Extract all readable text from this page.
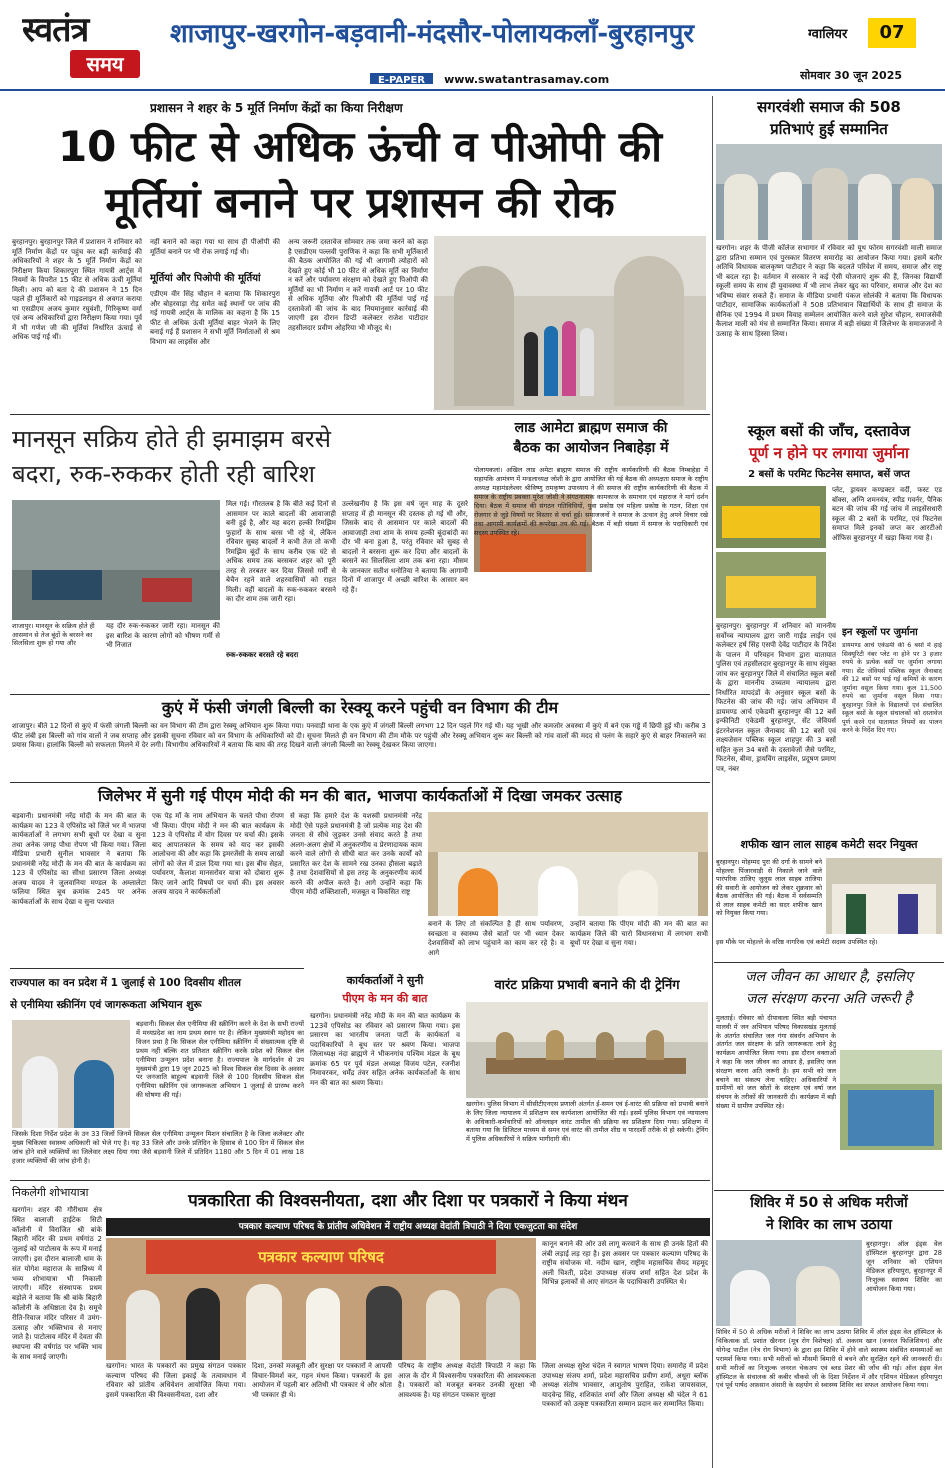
स्वतंत्र
समय
शाजापुर-खरगोन-बड़वानी-मंदसौर-पोलायकलाँ-बुरहानपुर	ग्वालियर	07
E-PAPER www.swatantrasamay.com	सोमवार 30 जून 2025
प्रशासन ने शहर के 5 मूर्ति निर्माण केंद्रों का किया निरीक्षण
10 फीट से अधिक ऊंची व पीओपी की
मूर्तियां बनाने पर प्रशासन की रोक
बुरहानपुर। बुरहानपुर जिले में प्रशासन ने शनिवार को मूर्ति निर्माण केंद्रों पर पहुंच कर बड़ी कार्रवाई की अधिकारियों ने शहर के 5 मूर्ति निर्माण केंद्रों का निरीक्षण किया शिकारपुरा स्थित गायत्री आर्ट्स में नियमों के विपरीत 15 फीट से अधिक ऊंची मूर्तियां मिली। आप को बता दे की प्रशासन ने 15 दिन पहले ही मूर्तिकारों को गाइडलाइन से अवगत कराया था एसडीएम अजय कुमार रघुवंशी, गिरिकृष्ण वर्मा एवं अन्य अधिकारियों द्वारा निरीक्षण किया गया। पूर्व में भी गणेश जी की मूर्तियां निर्धारित ऊंचाई से अधिक पाई गई थीं।
नहीं बनाने को कहा गया था साथ ही पीओपी की मूर्तियां बनाने पर भी रोक लगाई गई थी।
मूर्तियां और पिओपी की मूर्तियां
एडीएम वीर सिंह चौहान ने बताया कि शिकारपुरा और बोहरवाड़ा रोड़ समेत कई स्थानों पर जांच की गई गायत्री आर्ट्स के मालिक का कहना है कि 15 फीट से अधिक ऊंची मूर्तियां बाहर भेजने के लिए बनाई गई हैं प्रशासन ने सभी मूर्ति निर्माताओं से श्रम विभाग का लाइसेंस और
अन्य जरूरी दस्तावेज सोमवार तक जमा करने को कहा है एसडीएम पल्लवी पुराणिक ने कहा कि सभी मूर्तिकारों की बैठक आयोजित की गई थी आगामी त्योहारों को देखते हुए कोई भी 10 फीट से अधिक मूर्ति का निर्माण न करें और पर्यावरण संरक्षण को देखते हुए पिओपी की मूर्तियों का भी निर्माण न करें गायत्री आर्ट पर 10 फीट से अधिक मूर्तिया और पिओपी की मूर्तियां पाई गई दस्तावेजों की जांच के बाद नियमानुसार कार्रवाई की जाएगी इस दौरान डिप्टी कलेक्टर राजेश पाटीदार तहसीलदार प्रवीण ओहरिया भी मौजूद थे।
सगरवंशी समाज की 508
प्रतिभाएं हुई सम्मानित
खरगोन। शहर के पीजी कॉलेज सभागार में रविवार को यूथ फोरम सगरवंशी माली समाज द्वारा प्रतिभा सम्मान एवं पुरस्कार वितरण समारोह का आयोजन किया गया। इसमें बतौर अतिथि विधायक बालकृष्ण पाटीदार ने कहा कि बदलते परिवेश में समय, समाज और राष्ट्र भी बदल रहा है। वर्तमान में सरकार ने कई ऐसी योजनाएं शुरू की हैं, जिनका विद्यार्थी स्कूली समय के साथ ही युवावस्था में भी लाभ लेकर खुद का परिवार, समाज और देश का भविष्य संवार सकते हैं। समाज के मीडिया प्रभारी पंकज सोलंकी ने बताया कि विधायक पाटीदार, सामाजिक कार्यकर्ताओं ने 508 प्रतिभावान विद्यार्थियों के साथ ही समाज के सैनिक एवं 1994 में प्रथम विवाह सम्मेलन आयोजित करने वाले सुरेश चौहान, समाजसेवी कैलाश माली को मंच से सम्मानित किया। समाज में बड़ी संख्या में जिलेभर के समाजजनों ने उत्साह के साथ हिस्सा लिया।
मानसून सक्रिय होते ही झमाझम बरसे
बदरा, रुक-रुककर होती रही बारिश
शाजापुर। मानसून के सक्रिय होते ही आसमान से तेज बूंदों के बरसने का सिलसिला शुरू हो गया और
यह दौर रुक-रुककर जारी रहा। मानसून की इस बारिश के कारण लोगों को भीषण गर्मी से भी निजात
मिल गई। गौरतलब है कि बीते कई दिनों से आसमान पर काले बादलों की आवाजाही बनी हुई है, और यह बदरा हल्की रिमझिम फुहारों के साथ बरस भी रहे थे, लेकिन रविवार सुबह बादलों ने कभी तेज तो कभी रिमझिम बूंदों के साथ करीब एक घंटे से अधिक समय तक बरसकर शहर को पूरी तरह से तरबतर कर दिया जिससे गर्मी से बेचैन रहने वाले शहरवासियों को राहत मिली। वहीं बादलों के रुक-रुककर बरसने का दौर शाम तक जारी रहा।
रुक-रुककर बरसते रहे बदरा
उल्लेखनीय है कि इस वर्ष जून माह के दूसरे सप्ताह में ही मानसून की दस्तक हो गई थी और, जिसके बाद से आसमान पर काले बादलों की आवाजाही तथा शाम के समय हल्की बूंदाबांदी का दौर भी बना हुआ है, परंतु रविवार को सुबह से बादलों ने बरसना शुरू कर दिया और बादलों के बरसने का सिलसिला शाम तक बना रहा। मौसम के जानकार सतीश धनोतिया ने बताया कि आगामी दिनों में शाजापुर में अच्छी बारिश के आसार बन रहे हैं।
लाड आमेटा ब्राह्मण समाज की
बैठक का आयोजन निबाहेड़ा में
पोलायकलां। अखिल लाड अमेटा ब्राह्मण समाज की राष्ट्रीय कार्यकारिणी की बैठक निम्बाहेड़ा में सहायकि आमंत्रण में मन्डलाध्यक्ष जोशी के द्वारा आयोजित की गई बैठक की अध्यक्षता समाज के राष्ट्रीय अध्यक्ष महामंडलेश्वर श्रीविष्णु रामकृष्ण उपाध्याय ने की समाज की राष्ट्रीय कार्यकारिणी की बैठक में समाज के राष्ट्रीय प्रवक्ता मुरेश जोशी ने संगठनात्मक कामकाज के समाचार एवं महाराज ने मार्ग दर्शन दिया। बैठक में समाज की संगठन गतिविधियों, युवा प्रकोष्ठ एवं महिला प्रकोष्ठ के गठन, शिक्षा एवं रोजगार से जुड़े विषयों पर विस्तार से चर्चा हुई। समाजजनों ने समाज के उत्थान हेतु अपने विचार रखे तथा आगामी कार्यक्रमों की रूपरेखा तय की गई। बैठक में बड़ी संख्या में समाज के पदाधिकारी एवं सदस्य उपस्थित रहे।
स्कूल बसों की जाँच, दस्तावेज
पूर्ण न होने पर लगाया जुर्माना
2 बसों के परमिट फिटनेस समाप्त, बसें जप्त
प्लेट, ड्रायवर कण्डक्टर वर्दी, फस्ट एड बॉक्स, अग्नि शमनयंत्र, स्पीड गवर्नर, पैनिक बटन की जांच की गई जांच में लाइसेंसधारी स्कूल की 2 बसों के परमिट, एवं फिटनेस समाप्त मिले इनको जप्त कर आरटीओ ऑफिस बुरहानपुर में खड़ा किया गया है।
बुरहानपुर। बुरहानपुर में शनिवार को माननीय सर्वोच्च न्यायालय द्वारा जारी गाईड लाईन एवं कलेक्टर हर्ष सिंह एसपी देवेंद्र पाटीदार के निर्देश के पालन में परिवहन विभाग द्वारा यातायात पुलिस एवं तहसीलदार बुरहानपुर के साथ संयुक्त जांच कर बुरहानपुर जिले में संचालित स्कूल बसों के द्वारा माननीय उच्चतम न्यायालय द्वारा निर्धारित मापदंडों के अनुसार स्कूल बसों के फिटनेस की जांच की गई। जांच अभियान में डायमण्ड आर्च एकेडमी बुरहानपुर की 12 बसें इन्फीनिटी एकेडमी बुरहानपुर, सेंट जेवियर्स इंटरनेशनल स्कूल जैनाबाद की 12 बसों एवं लक्ष्यजेसन पब्लिक स्कूल शाहपुर की 3 बसों सहित कुल 34 बसों के दस्तावेजों जैसे परमिट, फिटनेस, बीमा, ड्रायविंग लाइसेंस, प्रदूषण प्रमाण पत्र, नंबर
इन स्कूलों पर जुर्माना
डायमण्ड आर्च एकेडमी की 6 बसों में हाई सिक्यूरिटी नंबर प्लेट ना होने पर 3 हजार रुपये के प्रत्येक बसों पर जुर्माना लगाया गया। सेंट जेवियर्स पब्लिक स्कूल जैनाबाद की 12 बसों पर पाई गई कमियों के कारण जुर्माना वसूल किया गया। कुल 11,500 रुपये का जुर्माना वसूल किया गया। बुरहानपुर जिले के विद्यालयों एवं संचालित स्कूल बसों के स्कूल संचालकों को दस्तावेज पूर्ण करने एवं यातायात नियमों का पालन करने के निर्देश दिए गए।
कुएं में फंसी जंगली बिल्ली का रेस्क्यू करने पहुंची वन विभाग की टीम
शाजापुर। बीते 12 दिनों से कुएं में फंसी जंगली बिल्ली का वन विभाग की टीम द्वारा रेस्क्यू अभियान शुरू किया गया। पनवाड़ी थाना के एक कुएं में जंगली बिल्ली लगभग 12 दिन पहले गिर गई थी। यह भूखी और कमजोर अवस्था में कुएं में बने एक गड्ढे में छिपी हुई थी। करीब 3 फीट लंबी इस बिल्ली को गांव वालों ने जब सप्ताह और इसकी सूचना रविवार को वन विभाग के अधिकारियों को दी। सूचना मिलते ही वन विभाग की टीम मौके पर पहुंची और रेस्क्यू अभियान शुरू कर बिल्ली को गांव वालों की मदद से पलंग के सहारे कुएं से बाहर निकालने का प्रयास किया। हालांकि बिल्ली को सफलता मिलने में देर लगी। विभागीय अधिकारियों ने बताया कि बाघ की तरह दिखने वाली जंगली बिल्ली का रेस्क्यू देखकर किया जाएगा।
जिलेभर में सुनी गई पीएम मोदी की मन की बात, भाजपा कार्यकर्ताओं में दिखा जमकर उत्साह
बड़वानी। प्रधानमंत्री नरेंद्र मोदी के मन की बात के कार्यक्रम का 123 वे एपिसोड को जिले भर में भाजपा कार्यकर्ताओं ने लगभग सभी बूथों पर देखा व सुना तथा अनेक जगह पौधा रोपण भी किया गया। जिला मीडिया प्रभारी सुनील भावसार ने बताया कि प्रधानमंत्री नरेंद्र मोदी के मन की बात के कार्यक्रम का 123 वें एपिसोड का सीधा प्रसारण जिला अध्यक्ष अजय यादव ने जुलवानिया मण्डल के अम्लालेटा फलिया स्थित बूथ क्रमांक 245 पर अनेक कार्यकर्ताओं के साथ देखा व सुना पश्चात
एक पेड़ माँ के नाम अभियान के चलते पौधा रोपण भी किया। पीएम मोदी ने मन की बात कार्यक्रम के 123 वे एपिसोड में योग दिवस पर चर्चा की। इसके बाद आपातकाल के समय को याद कर इसकी आलोचना की और कहा कि इमरजेंसी के समय लाखों लोगों को जेल में डाल दिया गया था। इस बीच सेहत, पर्यावरण, कैलाश मानसरोवर यात्रा को दोबारा शुरू किए जाने आदि विषयों पर चर्चा की। इस अवसर अजय यादव ने कार्यकर्ताओं
से कहा कि हमारे देश के यशस्वी प्रधानमंत्री नरेंद्र मोदी ऐसे पहले प्रधानमंत्री है जो प्रत्येक माह देश की जनता से सीधे जुड़कर उनसे संवाद करते है तथा अलग-अलग क्षेत्रों में अनुकरणीय व प्रेरणादायक काम करने वाले लोगों से सीधी बात कर उनके कार्यों को प्रसारित कर देश के सामने रख उनका हौसला बढ़ाते है तथा देशवासियों से इस तरह के अनुकरणीय कार्य करने की अपील करते है। आगे उन्होंने कहा कि पीएम मोदी शक्तिशाली, मजबूत व विकसित राष्ट्र
बनाने के लिए तो संकल्पित है ही साथ पर्यावरण, स्वच्छता व स्वास्थ्य जैसे बातों पर भी ध्यान देकर देशवासियों को लाभ पहुंचाने का काम कर रहे है। व आगे
उन्होंने बताया कि पीएम मोदी की मन की बात का कार्यक्रम जिले की चारो विधानसभा में लगभग सभी बूथों पर देखा व सुना गया।
शफीक खान लाल साहब कमेटी सदर नियुक्त
बुरहानपुर। मोहम्मद पुरा की दर्गा के सामने बने मोहल्ला पिंजारवाड़ी से निकाले जाने वाले पारंपरिक ताजिए जुलूस लाल साहब ताजिया की सवारी के आयोजन को लेकर शुक्रवार को बैठक आयोजित की गई। बैठक में सर्वसम्मति से लाल साहब कमेटी का सदर शफीक खान को नियुक्त किया गया।
इस मौके पर मोहल्ले के वरिष्ठ नागरिक एवं कमेटी सदस्य उपस्थित रहे।
जल जीवन का आधार है, इसलिए
जल संरक्षण करना अति जरूरी है
मुलताई। रविवार को दीपावाला स्थित बड़ी पंचायत मालवी में जन अभियान परिषद विकासखंड मुलताई के अंतर्गत संचालित जल गंगा संवर्धन अभियान के अंतर्गत जल संरक्षण के प्रति जागरूकता लाने हेतु कार्यक्रम आयोजित किया गया। इस दौरान वक्ताओं ने कहा कि जल जीवन का आधार है, इसलिए जल संरक्षण करना अति जरूरी है। हम सभी को जल बचाने का संकल्प लेना चाहिए। अधिकारियों ने ग्रामीणों को जल स्रोतों के संरक्षण एवं वर्षा जल संचयन के तरीकों की जानकारी दी। कार्यक्रम में बड़ी संख्या में ग्रामीण उपस्थित रहे।
राज्यपाल का वन प्रदेश में 1 जुलाई से 100 दिवसीय शीतल
से एनीमिया स्क्रीनिंग एवं जागरूकता अभियान शुरू
बड़वानी। सिकल सेल एनीमिया की स्क्रीनिंग करने के देश के सभी राज्यों में मध्यप्रदेश का नाम प्रथम स्थान पर है। लेकिन मुख्यमंत्री महोदय का विजन प्रथा है कि सिकल सेल एनीमिया स्क्रीनिंग में संख्यात्मक दृष्टि से प्रथम नहीं बल्कि शत प्रतिशत स्क्रीनिंग करके प्रदेश को सिकल सेल एनीमिया उन्मूलन प्रदेश बनाना है। राज्यपाल के मार्गदर्शन से उप मुख्यमंत्री द्वारा 19 जून 2025 को विश्व सिकल सेल दिवस के अवसर पर जनजाति बाहुल्य बड़वानी जिले से 100 दिवसीय सिकल सेल एनीमिया स्क्रीनिंग एवं जागरूकता अभियान 1 जुलाई से प्रारम्भ करने की घोषणा की गई।
जिसके दिशा निर्देश प्रदेश के उन 33 जिलों जिनमें सिकल सेल एनीमिया उन्मूलन मिशन संचालित है के जिला कलेक्टर और मुख्य चिकित्सा स्वास्थ्य अधिकारी को भेजे गए है। यह 33 जिले और उनके प्रतिदिन के हिसाब से 100 दिन में सिकल सेल जांच होने वाले व्यक्तियों का जिलेवार लक्ष्य दिया गया जैसे बड़वानी जिले में प्रतिदिन 1180 और 5 दिन में 01 लाख 18 हजार व्यक्तियों की जांच होनी है।
कार्यकर्ताओं ने सुनी
पीएम के मन की बात
खरगोन। प्रधानमंत्री नरेंद्र मोदी के मन की बात कार्यक्रम के 123वें एपिसोड का रविवार को प्रसारण किया गया। इस प्रसारण का भारतीय जनता पार्टी के कार्यकर्ता व पदाधिकारियों ने बूथ स्तर पर श्रवण किया। भाजपा जिलाध्यक्ष नंदा ब्राह्मणे ने भीकनगांव पश्चिम मंडल के बूथ क्रमांक 65 पर पूर्व मंडल अध्यक्ष विजय पटेल, रजनीश निमावरकर, धर्मेंद्र तंवर सहित अनेक कार्यकर्ताओं के साथ मन की बात का श्रवण किया।
वारंट प्रक्रिया प्रभावी बनाने की दी ट्रेनिंग
खरगोन। पुलिस विभाग में सीसीटीएनएस प्रणाली अंतर्गत ई-समन एवं ई-वारंट की प्रक्रिया को प्रभावी बनाने के लिए जिला न्यायालय में प्रशिक्षण सत्र कार्यशाला आयोजित की गई। इसमें पुलिस विभाग एवं न्यायालय के अधिकारी-कर्मचारियों को ऑनलाइन वारंट तामील की प्रक्रिया का प्रशिक्षण दिया गया। प्रशिक्षण में बताया गया कि डिजिटल माध्यम से समन एवं वारंट की तामील शीघ्र व पारदर्शी तरीके से हो सकेगी। ट्रेनिंग में पुलिस अधिकारियों ने सक्रिय भागीदारी की।
निकलेगी शोभायात्रा
खरगोन। शहर की गौरीधाम क्षेत्र स्थित बालाजी हाईटेक सिटी कॉलोनी में विराजित श्री बांके बिहारी मंदिर की प्रथम वर्षगांठ 2 जुलाई को पाटोत्सव के रूप में मनाई जाएगी। इस दौरान बालाजी धाम के संत योगेश महाराज के सान्निध्य में भव्य शोभायात्रा भी निकाली जाएगी। मंदिर संस्थापक प्रथम बड़ोले ने बताया कि श्री बांके बिहारी कॉलोनी के अधिष्ठाता देव है। समूचे रीति-रिवाज मंदिर परिसर में उमंग-उत्साह और भक्तिभाव से मनाए जाते है। पाटोत्सव मंदिर में देवता की स्थापना की वर्षगांठ पर भक्ति भाव के साथ मनाई जाएगी।
पत्रकारिता की विश्वसनीयता, दशा और दिशा पर पत्रकारों ने किया मंथन
पत्रकार कल्याण परिषद के प्रांतीय अधिवेशन में राष्ट्रीय अध्यक्ष वेदांती त्रिपाठी ने दिया एकजुटता का संदेश
पत्रकार कल्याण परिषद
खरगोन। भारत के पत्रकारों का प्रमुख संगठन पत्रकार कल्याण परिषद की जिला इकाई के तत्वावधान में रविवार को प्रांतीय अधिवेशन आयोजित किया गया। इसमें पत्रकारिता की विश्वसनीयता, दशा और
दिशा, उनको मजबूती और सुरक्षा पर पत्रकारों ने आपसी विचार-विमर्श कर, गहन मंथन किया। पत्रकारों के इस आयोजन में पहली बार अतिथी भी पत्रकार थे और श्रोता भी पत्रकार ही थे।
परिषद के राष्ट्रीय अध्यक्ष वेदांती त्रिपाठी ने कहा कि आज के दौर में विश्वसनीय पत्रकारिता की आवश्यकता है। पत्रकारों को मजबूत बनकर उनकी सुरक्षा भी आवश्यक है। यह संगठन पत्रकार सुरक्षा
कानून बनाने की ओर उसे लागू करवाने के साथ ही उनके हितों की लंबी लड़ाई लड़ रहा है। इस अवसर पर पत्रकार कल्याण परिषद के राष्ट्रीय संयोजक मो. नदीम खान, राष्ट्रीय महासचिव सैयद महमूद अली चिश्ती, प्रदेश उपाध्यक्ष संजय शर्मा सहित देश प्रदेश के विभिन्न इलाकों से आए संगठन के पदाधिकारी उपस्थित थे।
जिला अध्यक्ष सुरेश चंदेल ने स्वागत भाषण दिया। समारोह में प्रदेश उपाध्यक्ष संजय शर्मा, प्रदेश महासचिव प्रवीण शर्मा, अधूरा ब्लॉक अध्यक्ष संतोष भावसार, आशुतोष पुराहित, राकेश जायसवाल, यादवेन्द्र सिंह, शशिकांत शर्मा और जिला अध्यक्ष श्री चंदेल ने 61 पत्रकारों को उत्कृष्ट पत्रकारिता सम्मान प्रदान कर सम्मानित किया।
शिविर में 50 से अधिक मरीजों
ने शिविर का लाभ उठाया
बुरहानपुर। ऑल इंड्स वेल हॉस्पिटल बुरहानपुर द्वारा 28 जून शनिवार को एशियन मेडिकल हरियापुरा, बुरहानपुर में निःशुल्क स्वास्थ्य शिविर का आयोजन किया गया।
शिविर में 50 से अधिक मरीजों ने शिविर का लाभ उठाया शिविर में ऑल इंड्स वेल हॉस्पिटल के चिकित्सक डॉ. प्रशांत खैरनार (मूत्र रोग विशेषज्ञ) डॉ. अकरम खान (जनरल फिजिशियन) और योगेन्द्र पाटील (नेत्र रोग विभाग) के द्वारा इस शिविर में होने वाले स्वास्थ्य संबंधित समस्याओं का परामर्श किया गया। सभी मरीजों को मौसमी बिमारी से बचने और सुरक्षित रहने की जानकारी दी। सभी मरीजों का निःशुल्क जनरल चेकअप एवं ब्लड प्रेशर की जाँच की गई। ऑल इंड्स वेल हॉस्पिटल के संचालक श्री कबीर चौकसे जी के दिशा निर्देशन में और एशियन मेडिकल हरियापुरा एवं पूर्व पार्षद अफ़सान अंसारी के सहयोग से स्वास्थ्य शिविर का सफल आयोजन किया गया।
